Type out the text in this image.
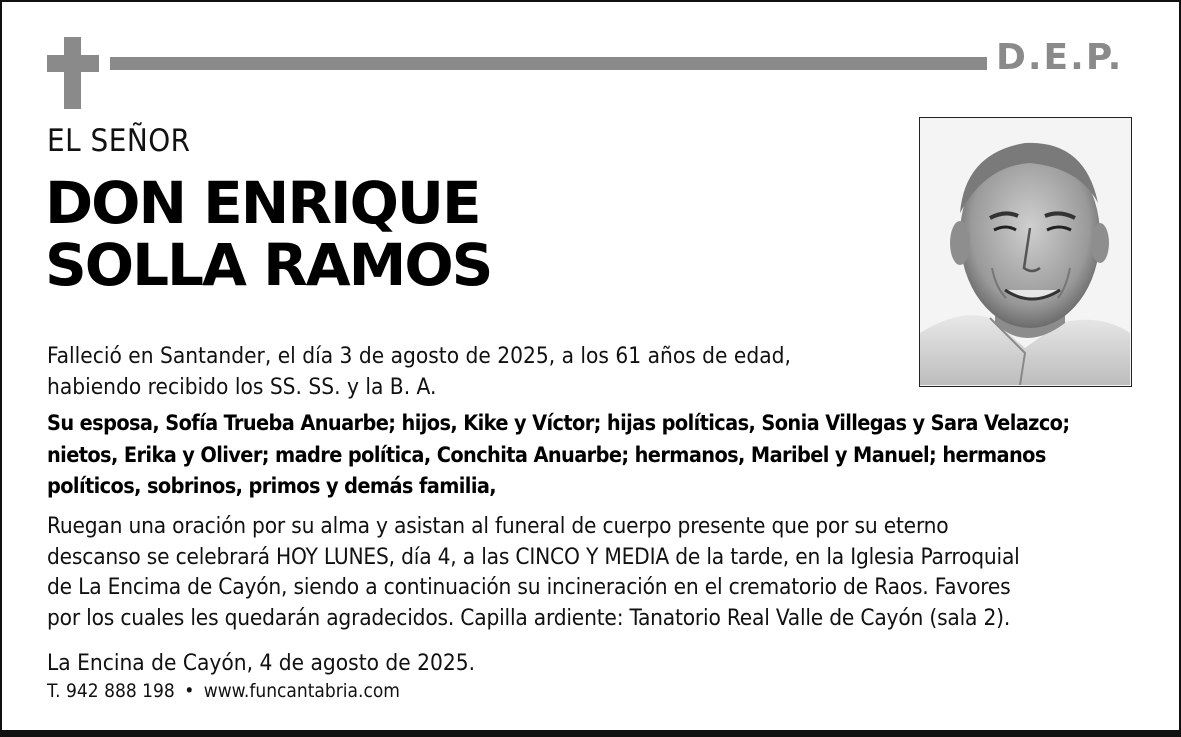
D.E.P.
EL SEÑOR
DON ENRIQUE
SOLLA RAMOS
Falleció en Santander, el día 3 de agosto de 2025, a los 61 años de edad,
habiendo recibido los SS. SS. y la B. A.
Su esposa, Sofía Trueba Anuarbe; hijos, Kike y Víctor; hijas políticas, Sonia Villegas y Sara Velazco;
nietos, Erika y Oliver; madre política, Conchita Anuarbe; hermanos, Maribel y Manuel; hermanos
políticos, sobrinos, primos y demás familia,
Ruegan una oración por su alma y asistan al funeral de cuerpo presente que por su eterno
descanso se celebrará HOY LUNES, día 4, a las CINCO Y MEDIA de la tarde, en la Iglesia Parroquial
de La Encima de Cayón, siendo a continuación su incineración en el crematorio de Raos. Favores
por los cuales les quedarán agradecidos. Capilla ardiente: Tanatorio Real Valle de Cayón (sala 2).
La Encina de Cayón, 4 de agosto de 2025.
T. 942 888 198 • www.funcantabria.com
